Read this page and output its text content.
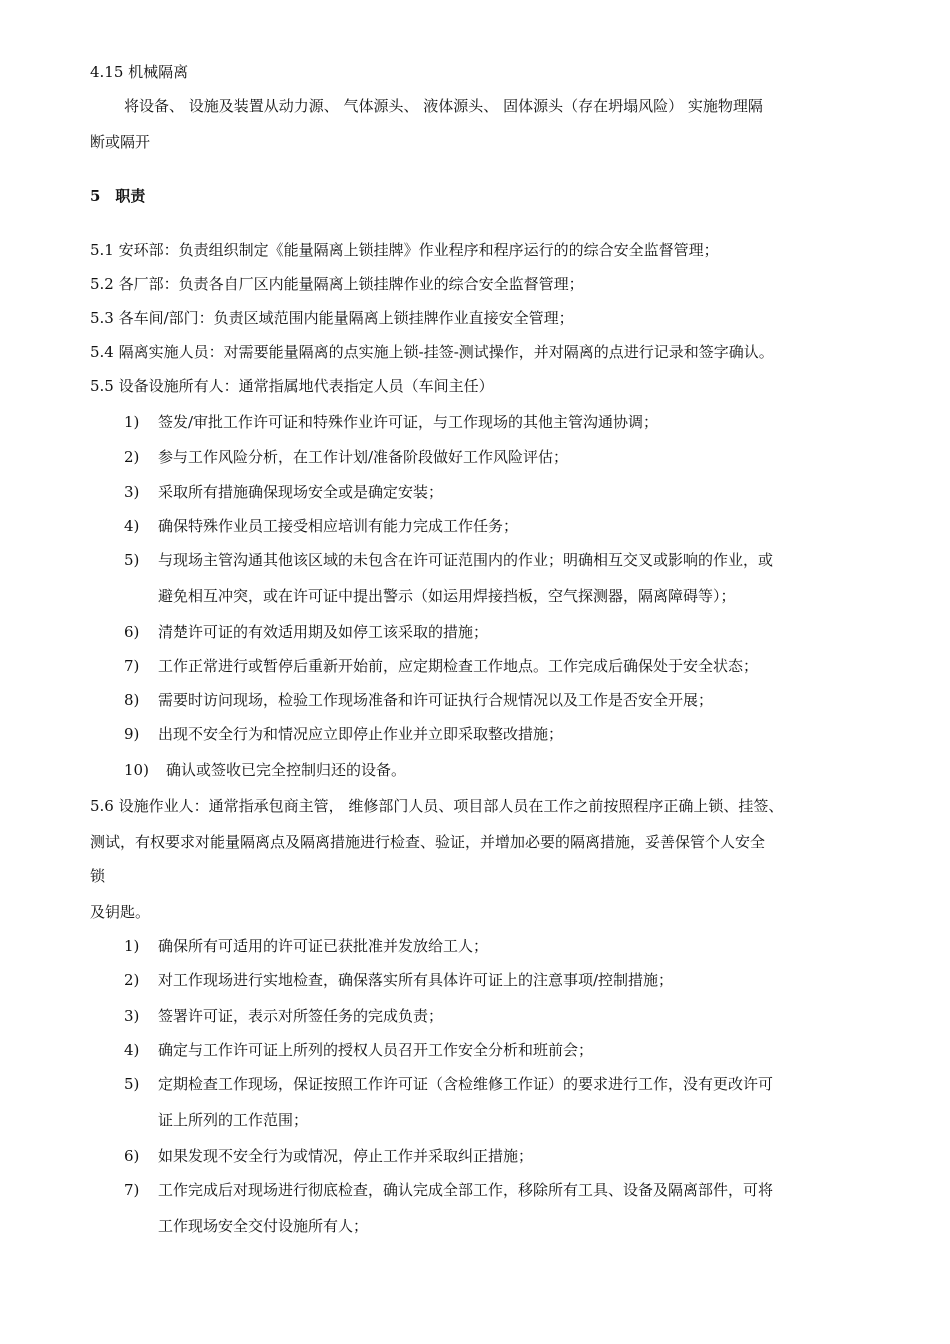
4.15 机械隔离
将设备、 设施及装置从动力源、 气体源头、 液体源头、 固体源头（存在坍塌风险） 实施物理隔
断或隔开
5　职责
5.1 安环部：负责组织制定《能量隔离上锁挂牌》作业程序和程序运行的的综合安全监督管理；
5.2 各厂部：负责各自厂区内能量隔离上锁挂牌作业的综合安全监督管理；
5.3 各车间/部门：负责区域范围内能量隔离上锁挂牌作业直接安全管理；
5.4 隔离实施人员：对需要能量隔离的点实施上锁-挂签-测试操作，并对隔离的点进行记录和签字确认。
5.5 设备设施所有人：通常指属地代表指定人员（车间主任）
1)	签发/审批工作许可证和特殊作业许可证，与工作现场的其他主管沟通协调；
2)	参与工作风险分析，在工作计划/准备阶段做好工作风险评估；
3)	采取所有措施确保现场安全或是确定安装；
4)	确保特殊作业员工接受相应培训有能力完成工作任务；
5)	与现场主管沟通其他该区域的未包含在许可证范围内的作业；明确相互交叉或影响的作业，或
避免相互冲突，或在许可证中提出警示（如运用焊接挡板，空气探测器，隔离障碍等）；
6)	清楚许可证的有效适用期及如停工该采取的措施；
7)	工作正常进行或暂停后重新开始前，应定期检查工作地点。工作完成后确保处于安全状态；
8)	需要时访问现场，检验工作现场准备和许可证执行合规情况以及工作是否安全开展；
9)	出现不安全行为和情况应立即停止作业并立即采取整改措施；
10)	确认或签收已完全控制归还的设备。
5.6 设施作业人：通常指承包商主管， 维修部门人员、项目部人员在工作之前按照程序正确上锁、挂签、
测试，有权要求对能量隔离点及隔离措施进行检查、验证，并增加必要的隔离措施，妥善保管个人安全
锁
及钥匙。
1)	确保所有可适用的许可证已获批准并发放给工人；
2)	对工作现场进行实地检查，确保落实所有具体许可证上的注意事项/控制措施；
3)	签署许可证，表示对所签任务的完成负责；
4)	确定与工作许可证上所列的授权人员召开工作安全分析和班前会；
5)	定期检查工作现场，保证按照工作许可证（含检维修工作证）的要求进行工作，没有更改许可
证上所列的工作范围；
6)	如果发现不安全行为或情况，停止工作并采取纠正措施；
7)	工作完成后对现场进行彻底检查，确认完成全部工作，移除所有工具、设备及隔离部件，可将
工作现场安全交付设施所有人；
